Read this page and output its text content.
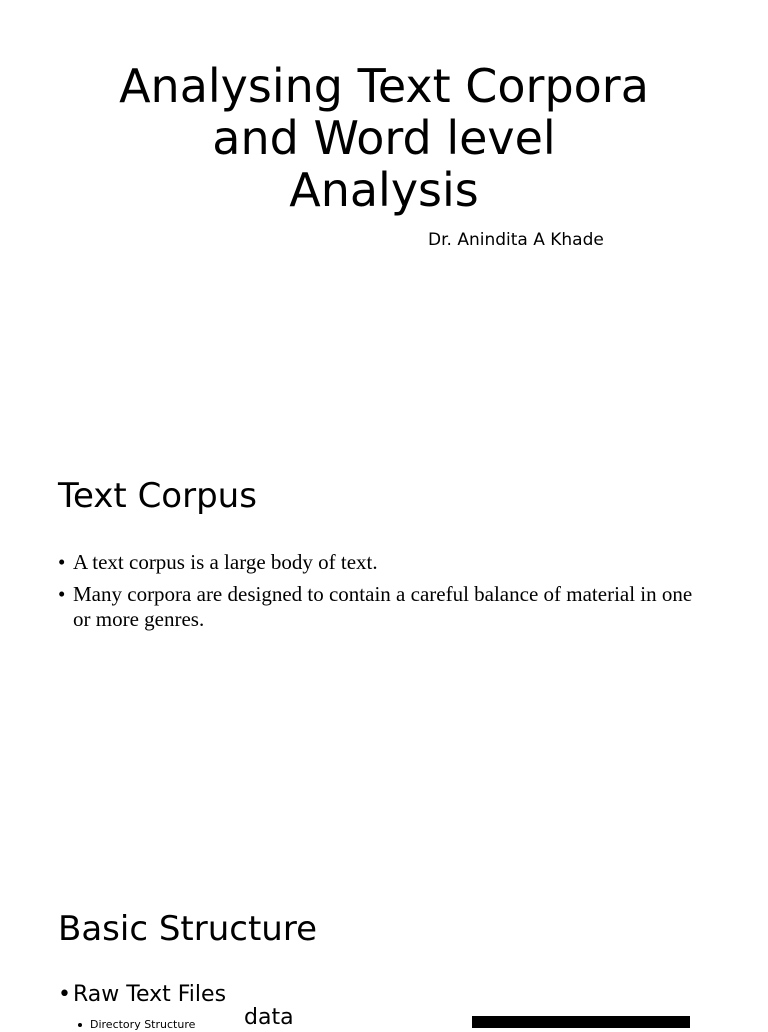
Analysing Text Corpora
and Word level
Analysis

Dr. Anindita A Khade

Text Corpus
• A text corpus is a large body of text.
• Many corpora are designed to contain a careful balance of material in one or more genres.
Basic Structure
• Raw Text Files
data
Directory Structure
